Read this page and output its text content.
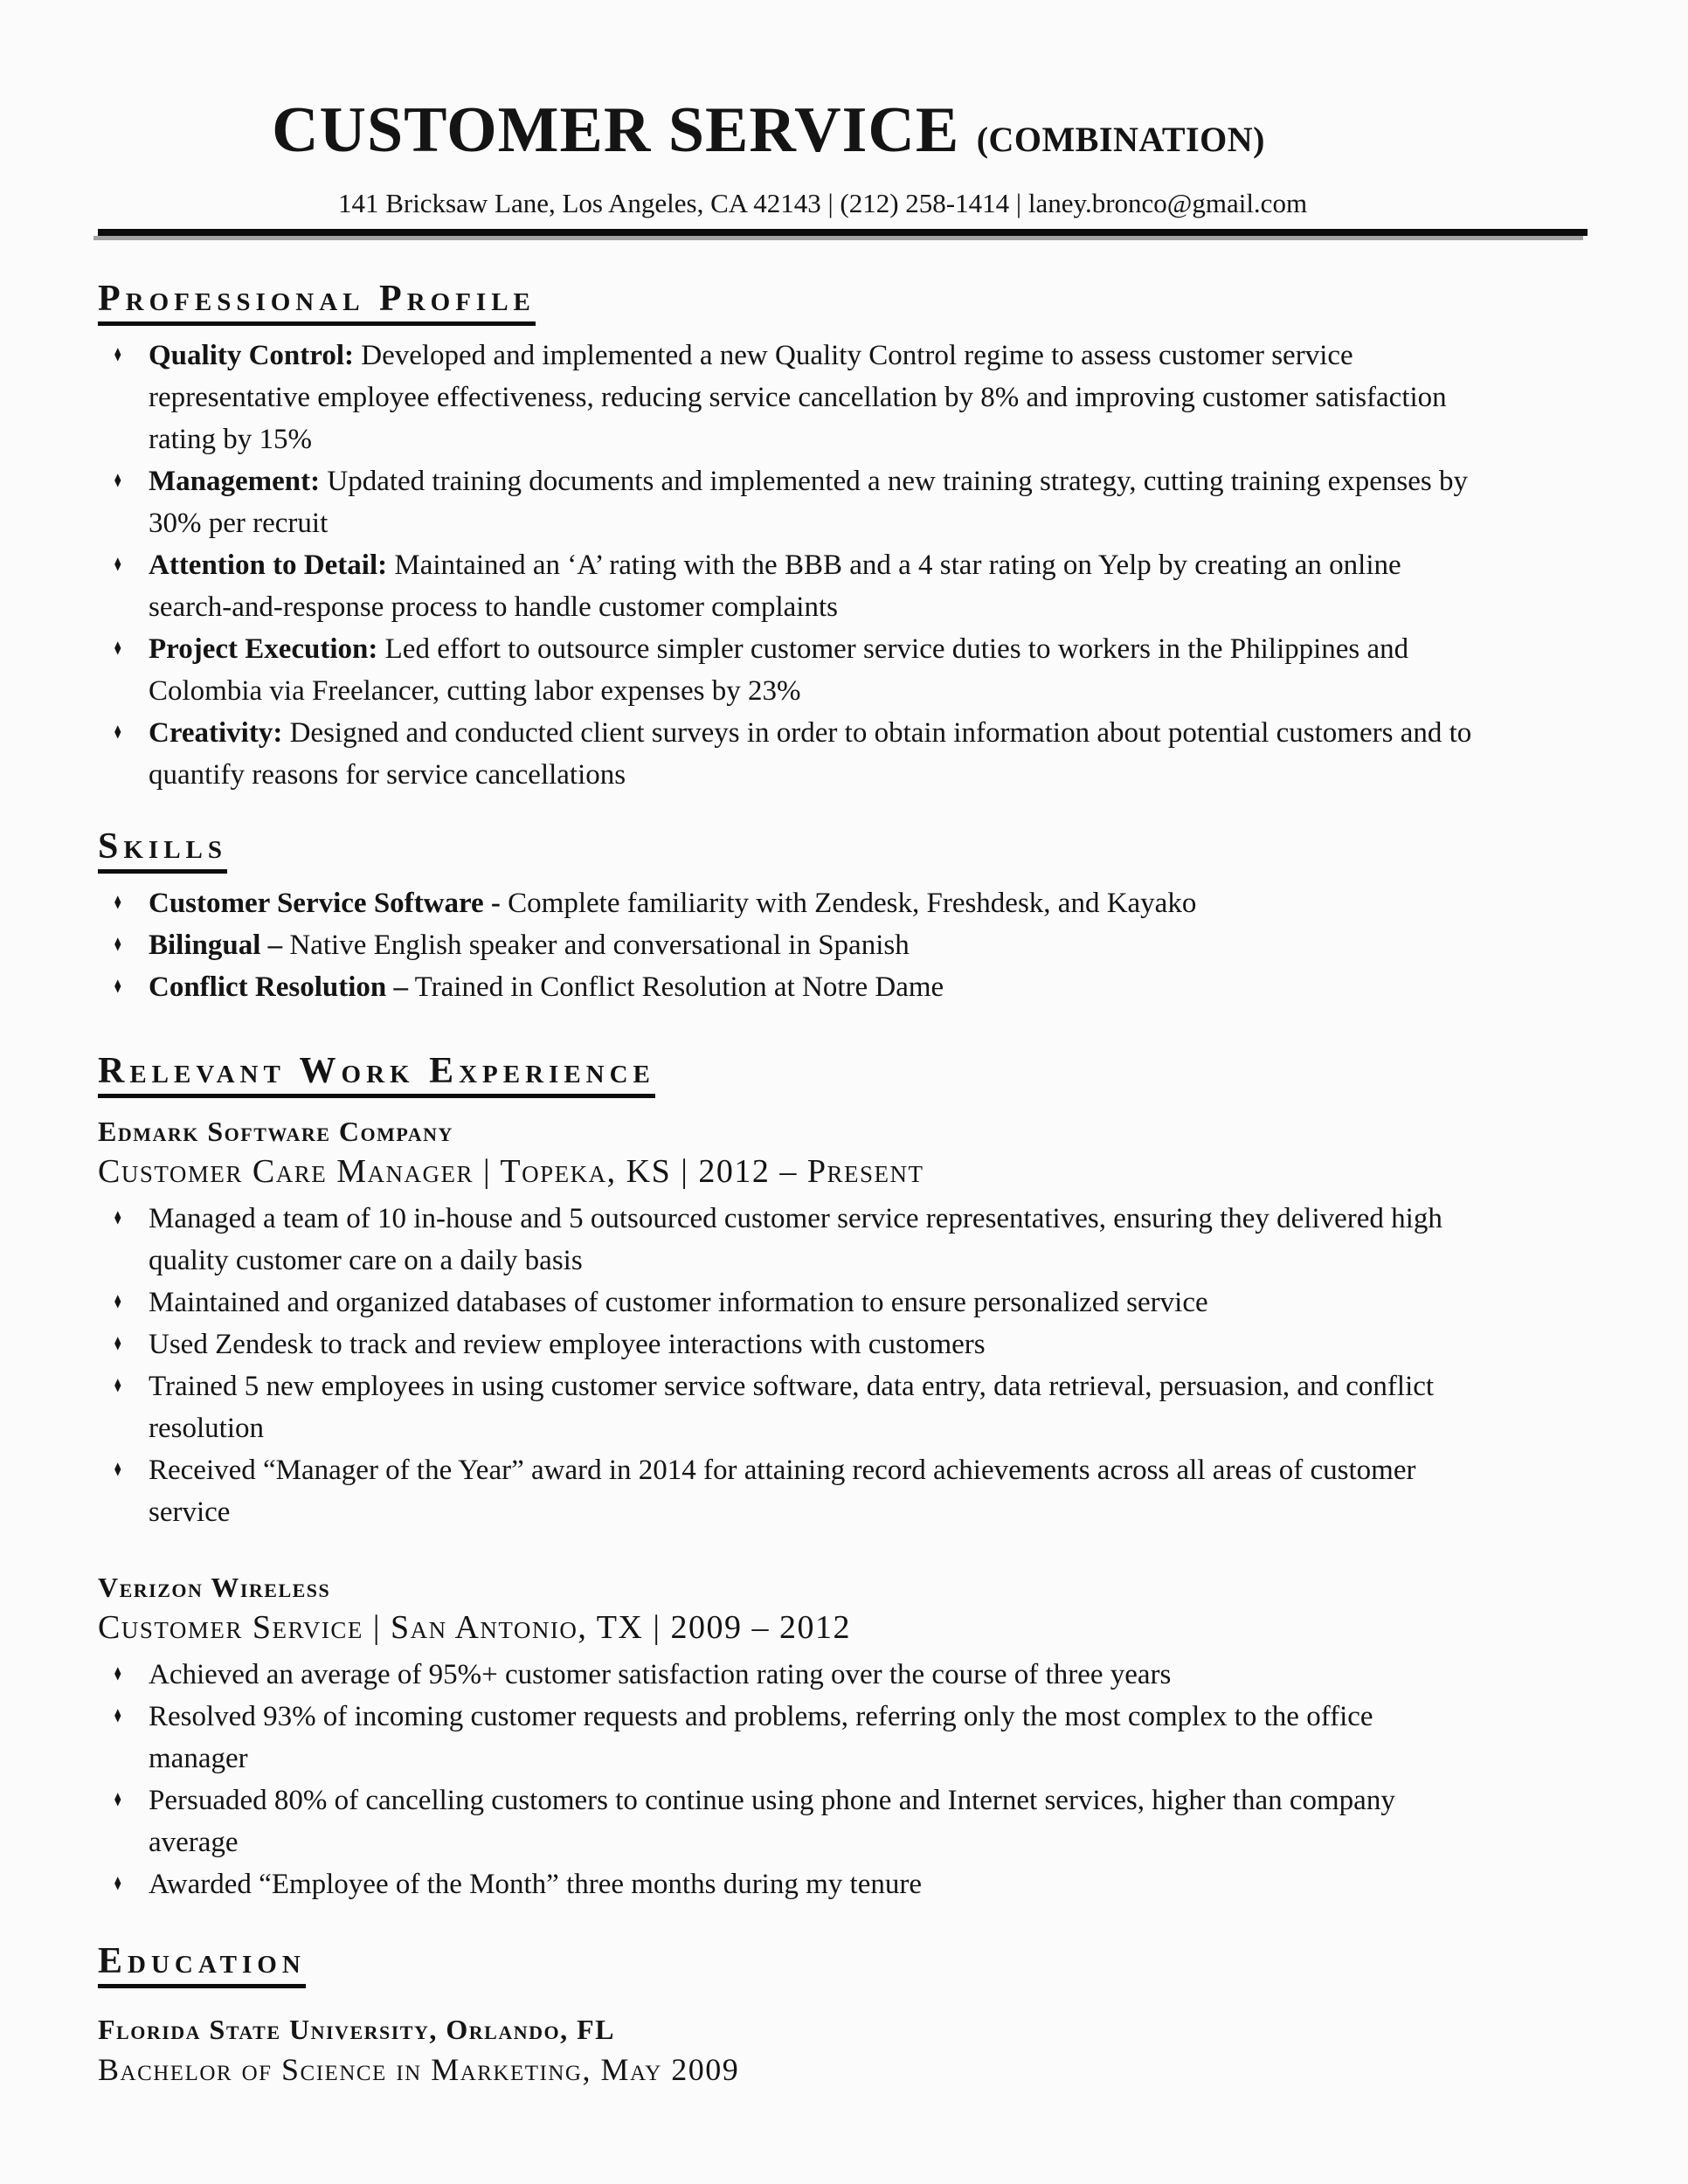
CUSTOMER SERVICE (COMBINATION)
141 Bricksaw Lane, Los Angeles, CA 42143 | (212) 258-1414 | laney.bronco@gmail.com
Professional Profile
♦ Quality Control: Developed and implemented a new Quality Control regime to assess customer service representative employee effectiveness, reducing service cancellation by 8% and improving customer satisfaction rating by 15%
♦ Management: Updated training documents and implemented a new training strategy, cutting training expenses by 30% per recruit
♦ Attention to Detail: Maintained an ‘A’ rating with the BBB and a 4 star rating on Yelp by creating an online search-and-response process to handle customer complaints
♦ Project Execution: Led effort to outsource simpler customer service duties to workers in the Philippines and Colombia via Freelancer, cutting labor expenses by 23%
♦ Creativity: Designed and conducted client surveys in order to obtain information about potential customers and to quantify reasons for service cancellations
Skills
♦ Customer Service Software - Complete familiarity with Zendesk, Freshdesk, and Kayako
♦ Bilingual – Native English speaker and conversational in Spanish
♦ Conflict Resolution – Trained in Conflict Resolution at Notre Dame
Relevant Work Experience
Edmark Software Company
Customer Care Manager | Topeka, KS | 2012 – Present
♦ Managed a team of 10 in-house and 5 outsourced customer service representatives, ensuring they delivered high quality customer care on a daily basis
♦ Maintained and organized databases of customer information to ensure personalized service
♦ Used Zendesk to track and review employee interactions with customers
♦ Trained 5 new employees in using customer service software, data entry, data retrieval, persuasion, and conflict resolution
♦ Received “Manager of the Year” award in 2014 for attaining record achievements across all areas of customer service
Verizon Wireless
Customer Service | San Antonio, TX | 2009 – 2012
♦ Achieved an average of 95%+ customer satisfaction rating over the course of three years
♦ Resolved 93% of incoming customer requests and problems, referring only the most complex to the office manager
♦ Persuaded 80% of cancelling customers to continue using phone and Internet services, higher than company average
♦ Awarded “Employee of the Month” three months during my tenure
Education
Florida State University, Orlando, FL
Bachelor of Science in Marketing, May 2009
